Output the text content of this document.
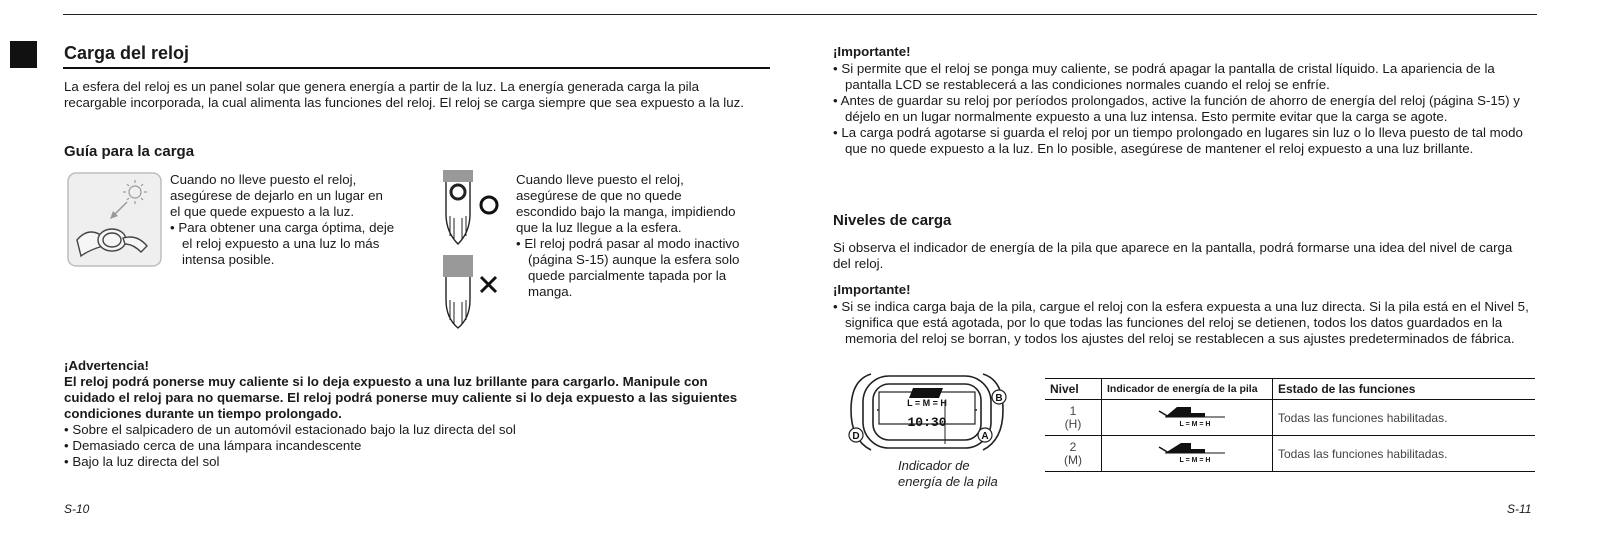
Carga del reloj
La esfera del reloj es un panel solar que genera energía a partir de la luz. La energía generada carga la pila recargable incorporada, la cual alimenta las funciones del reloj. El reloj se carga siempre que sea expuesto a la luz.
Guía para la carga
Cuando no lleve puesto el reloj,
asegúrese de dejarlo en un lugar en
el que quede expuesto a la luz.
• Para obtener una carga óptima, deje el reloj expuesto a una luz lo más intensa posible.
Cuando lleve puesto el reloj,
asegúrese de que no quede
escondido bajo la manga, impidiendo
que la luz llegue a la esfera.
• El reloj podrá pasar al modo inactivo (página S-15) aunque la esfera solo quede parcialmente tapada por la manga.
¡Advertencia!
El reloj podrá ponerse muy caliente si lo deja expuesto a una luz brillante para cargarlo. Manipule con cuidado el reloj para no quemarse. El reloj podrá ponerse muy caliente si lo deja expuesto a las siguientes condiciones durante un tiempo prolongado.
• Sobre el salpicadero de un automóvil estacionado bajo la luz directa del sol
• Demasiado cerca de una lámpara incandescente
• Bajo la luz directa del sol
S-10
¡Importante!
• Si permite que el reloj se ponga muy caliente, se podrá apagar la pantalla de cristal líquido. La apariencia de la pantalla LCD se restablecerá a las condiciones normales cuando el reloj se enfríe.
• Antes de guardar su reloj por períodos prolongados, active la función de ahorro de energía del reloj (página S-15) y déjelo en un lugar normalmente expuesto a una luz intensa. Esto permite evitar que la carga se agote.
• La carga podrá agotarse si guarda el reloj por un tiempo prolongado en lugares sin luz o lo lleva puesto de tal modo que no quede expuesto a la luz. En lo posible, asegúrese de mantener el reloj expuesto a una luz brillante.
Niveles de carga
Si observa el indicador de energía de la pila que aparece en la pantalla, podrá formarse una idea del nivel de carga del reloj.
¡Importante!
• Si se indica carga baja de la pila, cargue el reloj con la esfera expuesta a una luz directa. Si la pila está en el Nivel 5, significa que está agotada, por lo que todas las funciones del reloj se detienen, todos los datos guardados en la memoria del reloj se borran, y todos los ajustes del reloj se restablecen a sus ajustes predeterminados de fábrica.
L = M = H
10:30
B
D	A
Indicador de
energía de la pila
Nivel	Indicador de energía de la pila	Estado de las funciones

1
(H)	L = M = H	Todas las funciones habilitadas.

2
(M)	L = M = H	Todas las funciones habilitadas.
S-11
